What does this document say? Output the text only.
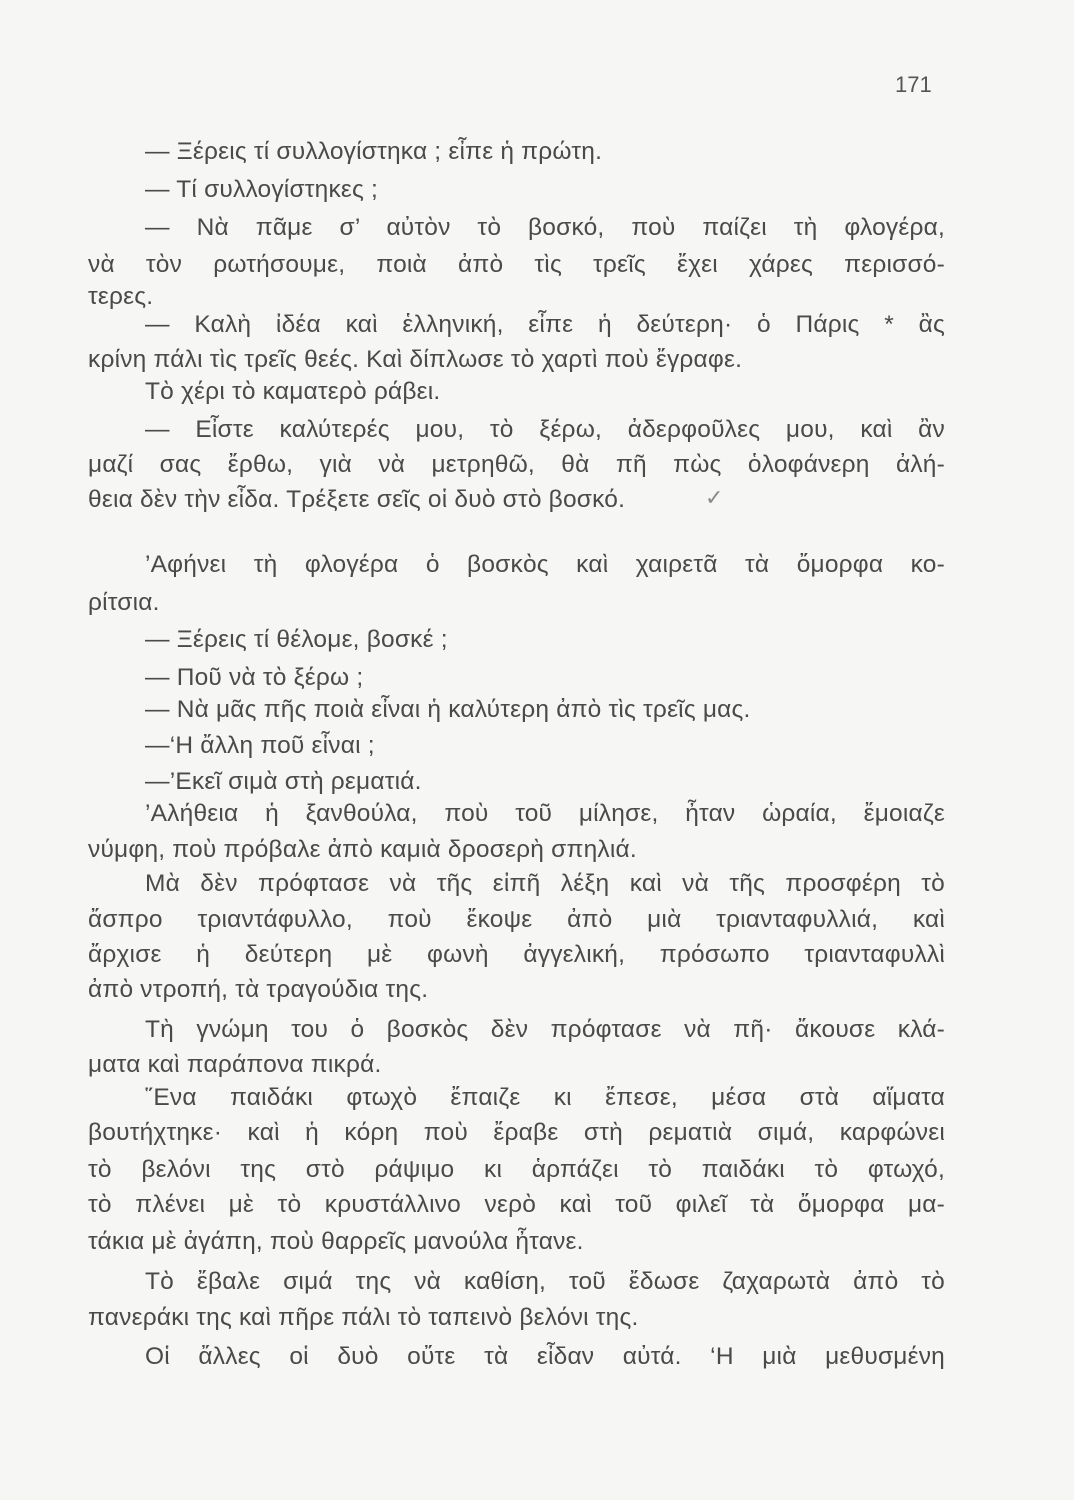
171
— Ξέρεις τί συλλογίστηκα ; εἶπε ἡ πρώτη.
— Τί συλλογίστηκες ;
— Νὰ πᾶμε σ’ αὐτὸν τὸ βοσκό, ποὺ παίζει τὴ φλογέρα,
νὰ τὸν ρωτήσουμε, ποιὰ ἀπὸ τὶς τρεῖς ἔχει χάρες περισσό-
τερες.
— Καλὴ ἰδέα καὶ ἑλληνική, εἶπε ἡ δεύτερη· ὁ Πάρις * ἂς
κρίνη πάλι τὶς τρεῖς θεές. Καὶ δίπλωσε τὸ χαρτὶ ποὺ ἔγραφε.
Τὸ χέρι τὸ καματερὸ ράβει.
— Εἶστε καλύτερές μου, τὸ ξέρω, ἀδερφοῦλες μου, καὶ ἂν
μαζί σας ἔρθω, γιὰ νὰ μετρηθῶ, θὰ πῆ πὼς ὁλοφάνερη ἀλή-
θεια δὲν τὴν εἶδα. Τρέξετε σεῖς οἱ δυὸ στὸ βοσκό.	✓
’Αφήνει τὴ φλογέρα ὁ βοσκὸς καὶ χαιρετᾶ τὰ ὄμορφα κο-
ρίτσια.
— Ξέρεις τί θέλομε, βοσκέ ;
— Ποῦ νὰ τὸ ξέρω ;
— Νὰ μᾶς πῆς ποιὰ εἶναι ἡ καλύτερη ἀπὸ τὶς τρεῖς μας.
—‘Η ἄλλη ποῦ εἶναι ;
—’Εκεῖ σιμὰ στὴ ρεματιά.
’Αλήθεια ἡ ξανθούλα, ποὺ τοῦ μίλησε, ἦταν ὡραία, ἔμοιαζε
νύμφη, ποὺ πρόβαλε ἀπὸ καμιὰ δροσερὴ σπηλιά.
Μὰ δὲν πρόφτασε νὰ τῆς εἰπῆ λέξη καὶ νὰ τῆς προσφέρη τὸ
ἄσπρο τριαντάφυλλο, ποὺ ἔκοψε ἀπὸ μιὰ τριανταφυλλιά, καὶ
ἄρχισε ἡ δεύτερη μὲ φωνὴ ἀγγελική, πρόσωπο τριανταφυλλὶ
ἀπὸ ντροπή, τὰ τραγούδια της.
Τὴ γνώμη του ὁ βοσκὸς δὲν πρόφτασε νὰ πῆ· ἄκουσε κλά-
ματα καὶ παράπονα πικρά.
῞Ενα παιδάκι φτωχὸ ἔπαιζε κι ἔπεσε, μέσα στὰ αἵματα
βουτήχτηκε· καὶ ἡ κόρη ποὺ ἔραβε στὴ ρεματιὰ σιμά, καρφώνει
τὸ βελόνι της στὸ ράψιμο κι ἁρπάζει τὸ παιδάκι τὸ φτωχό,
τὸ πλένει μὲ τὸ κρυστάλλινο νερὸ καὶ τοῦ φιλεῖ τὰ ὄμορφα μα-
τάκια μὲ ἀγάπη, ποὺ θαρρεῖς μανούλα ἦτανε.
Τὸ ἔβαλε σιμά της νὰ καθίση, τοῦ ἔδωσε ζαχαρωτὰ ἀπὸ τὸ
πανεράκι της καὶ πῆρε πάλι τὸ ταπεινὸ βελόνι της.
Οἱ ἄλλες οἱ δυὸ οὔτε τὰ εἶδαν αὐτά. ‘Η μιὰ μεθυσμένη
